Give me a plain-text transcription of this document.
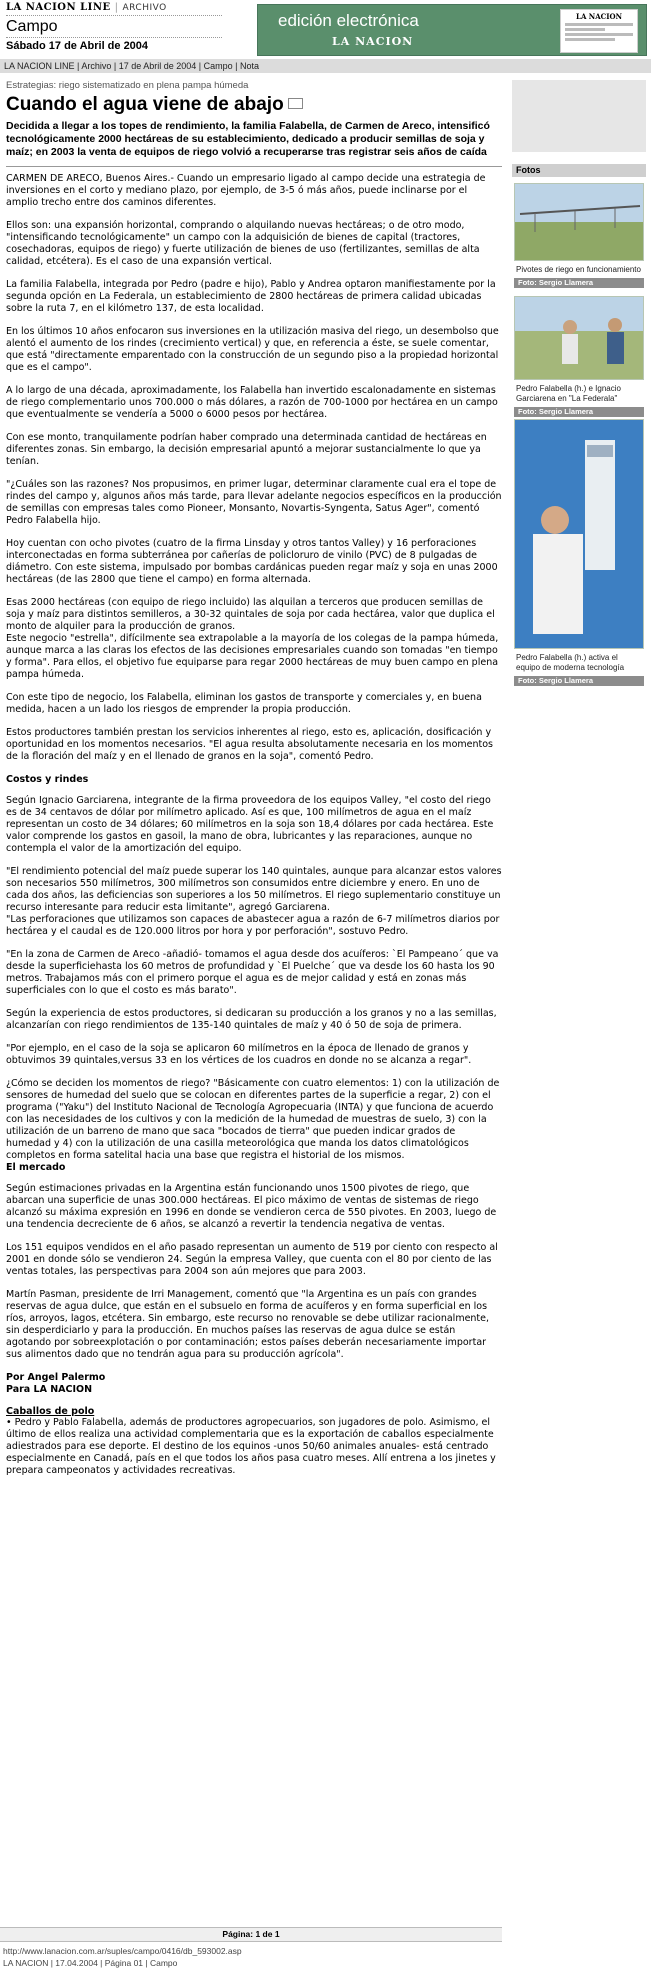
LA NACION LINE | ARCHIVO
Campo
Sábado 17 de Abril de 2004
edición electrónica
LA NACION
LA NACION
LA NACION LINE | Archivo | 17 de Abril de 2004 | Campo | Nota
Estrategias: riego sistematizado en plena pampa húmeda
Cuando el agua viene de abajo
Decidida a llegar a los topes de rendimiento, la familia Falabella, de Carmen de Areco, intensificó tecnológicamente 2000 hectáreas de su establecimiento, dedicado a producir semillas de soja y maíz; en 2003 la venta de equipos de riego volvió a recuperarse tras registrar seis años de caída

CARMEN DE ARECO, Buenos Aires.- Cuando un empresario ligado al campo decide una estrategia de inversiones en el corto y mediano plazo, por ejemplo, de 3-5 ó más años, puede inclinarse por el amplio trecho entre dos caminos diferentes.

Ellos son: una expansión horizontal, comprando o alquilando nuevas hectáreas; o de otro modo, "intensificando tecnológicamente" un campo con la adquisición de bienes de capital (tractores, cosechadoras, equipos de riego) y fuerte utilización de bienes de uso (fertilizantes, semillas de alta calidad, etcétera). Es el caso de una expansión vertical.

La familia Falabella, integrada por Pedro (padre e hijo), Pablo y Andrea optaron manifiestamente por la segunda opción en La Federala, un establecimiento de 2800 hectáreas de primera calidad ubicadas sobre la ruta 7, en el kilómetro 137, de esta localidad.

En los últimos 10 años enfocaron sus inversiones en la utilización masiva del riego, un desembolso que alentó el aumento de los rindes (crecimiento vertical) y que, en referencia a éste, se suele comentar, que está "directamente emparentado con la construcción de un segundo piso a la propiedad horizontal que es el campo".

A lo largo de una década, aproximadamente, los Falabella han invertido escalonadamente en sistemas de riego complementario unos 700.000 o más dólares, a razón de 700-1000 por hectárea en un campo que eventualmente se vendería a 5000 o 6000 pesos por hectárea.

Con ese monto, tranquilamente podrían haber comprado una determinada cantidad de hectáreas en diferentes zonas. Sin embargo, la decisión empresarial apuntó a mejorar sustancialmente lo que ya tenían.

"¿Cuáles son las razones? Nos propusimos, en primer lugar, determinar claramente cual era el tope de rindes del campo y, algunos años más tarde, para llevar adelante negocios específicos en la producción de semillas con empresas tales como Pioneer, Monsanto, Novartis-Syngenta, Satus Ager", comentó Pedro Falabella hijo.

Hoy cuentan con ocho pivotes (cuatro de la firma Linsday y otros tantos Valley) y 16 perforaciones interconectadas en forma subterránea por cañerías de policloruro de vinilo (PVC) de 8 pulgadas de diámetro. Con este sistema, impulsado por bombas cardánicas pueden regar maíz y soja en unas 2000 hectáreas (de las 2800 que tiene el campo) en forma alternada.

Esas 2000 hectáreas (con equipo de riego incluido) las alquilan a terceros que producen semillas de soja y maíz para distintos semilleros, a 30-32 quintales de soja por cada hectárea, valor que duplica el monto de alquiler para la producción de granos.

Este negocio "estrella", difícilmente sea extrapolable a la mayoría de los colegas de la pampa húmeda, aunque marca a las claras los efectos de las decisiones empresariales cuando son tomadas "en tiempo y forma". Para ellos, el objetivo fue equiparse para regar 2000 hectáreas de muy buen campo en plena pampa húmeda.

Con este tipo de negocio, los Falabella, eliminan los gastos de transporte y comerciales y, en buena medida, hacen a un lado los riesgos de emprender la propia producción.

Estos productores también prestan los servicios inherentes al riego, esto es, aplicación, dosificación y oportunidad en los momentos necesarios. "El agua resulta absolutamente necesaria en los momentos de la floración del maíz y en el llenado de granos en la soja", comentó Pedro.

Costos y rindes

Según Ignacio Garciarena, integrante de la firma proveedora de los equipos Valley, "el costo del riego es de 34 centavos de dólar por milímetro aplicado. Así es que, 100 milímetros de agua en el maíz representan un costo de 34 dólares; 60 milímetros en la soja son 18,4 dólares por cada hectárea. Este valor comprende los gastos en gasoil, la mano de obra, lubricantes y las reparaciones, aunque no contempla el valor de la amortización del equipo.

"El rendimiento potencial del maíz puede superar los 140 quintales, aunque para alcanzar estos valores son necesarios 550 milímetros, 300 milímetros son consumidos entre diciembre y enero. En uno de cada dos años, las deficiencias son superiores a los 50 milímetros. El riego suplementario constituye un recurso interesante para reducir esta limitante", agregó Garciarena.

"Las perforaciones que utilizamos son capaces de abastecer agua a razón de 6-7 milímetros diarios por hectárea y el caudal es de 120.000 litros por hora y por perforación", sostuvo Pedro.

"En la zona de Carmen de Areco -añadió- tomamos el agua desde dos acuíferos: `El Pampeano´ que va desde la superficiehasta los 60 metros de profundidad y `El Puelche´ que va desde los 60 hasta los 90 metros. Trabajamos más con el primero porque el agua es de mejor calidad y está en zonas más superficiales con lo que el costo es más barato".

Según la experiencia de estos productores, si dedicaran su producción a los granos y no a las semillas, alcanzarían con riego rendimientos de 135-140 quintales de maíz y 40 ó 50 de soja de primera.

"Por ejemplo, en el caso de la soja se aplicaron 60 milímetros en la época de llenado de granos y obtuvimos 39 quintales,versus 33 en los vértices de los cuadros en donde no se alcanza a regar".

¿Cómo se deciden los momentos de riego? "Básicamente con cuatro elementos: 1) con la utilización de sensores de humedad del suelo que se colocan en diferentes partes de la superficie a regar, 2) con el programa ("Yaku") del Instituto Nacional de Tecnología Agropecuaria (INTA) y que funciona de acuerdo con las necesidades de los cultivos y con la medición de la humedad de muestras de suelo, 3) con la utilización de un barreno de mano que saca "bocados de tierra" que pueden indicar grados de humedad y 4) con la utilización de una casilla meteorológica que manda los datos climatológicos completos en forma satelital hacia una base que registra el historial de los mismos.

El mercado

Según estimaciones privadas en la Argentina están funcionando unos 1500 pivotes de riego, que abarcan una superficie de unas 300.000 hectáreas. El pico máximo de ventas de sistemas de riego alcanzó su máxima expresión en 1996 en donde se vendieron cerca de 550 pivotes. En 2003, luego de una tendencia decreciente de 6 años, se alcanzó a revertir la tendencia negativa de ventas.

Los 151 equipos vendidos en el año pasado representan un aumento de 519 por ciento con respecto al 2001 en donde sólo se vendieron 24. Según la empresa Valley, que cuenta con el 80 por ciento de las ventas totales, las perspectivas para 2004 son aún mejores que para 2003.

Martín Pasman, presidente de Irri Management, comentó que "la Argentina es un país con grandes reservas de agua dulce, que están en el subsuelo en forma de acuíferos y en forma superficial en los ríos, arroyos, lagos, etcétera. Sin embargo, este recurso no renovable se debe utilizar racionalmente, sin desperdiciarlo y para la producción. En muchos países las reservas de agua dulce se están agotando por sobreexplotación o por contaminación; estos países deberán necesariamente importar sus alimentos dado que no tendrán agua para su producción agrícola".

Por Angel Palermo
Para LA NACION
Caballos de polo

• Pedro y Pablo Falabella, además de productores agropecuarios, son jugadores de polo. Asimismo, el último de ellos realiza una actividad complementaria que es la exportación de caballos especialmente adiestrados para ese deporte. El destino de los equinos -unos 50/60 animales anuales- está centrado especialmente en Canadá, país en el que todos los años pasa cuatro meses. Allí entrena a los jinetes y prepara campeonatos y actividades recreativas.

Fotos
Pivotes de riego en funcionamiento
Foto: Sergio Llamera
Pedro Falabella (h.) e Ignacio Garciarena en "La Federala"
Foto: Sergio Llamera
Pedro Falabella (h.) activa el equipo de moderna tecnología
Foto: Sergio Llamera
Página: 1 de 1
http://www.lanacion.com.ar/suples/campo/0416/db_593002.asp
LA NACION | 17.04.2004 | Página 01 | Campo
